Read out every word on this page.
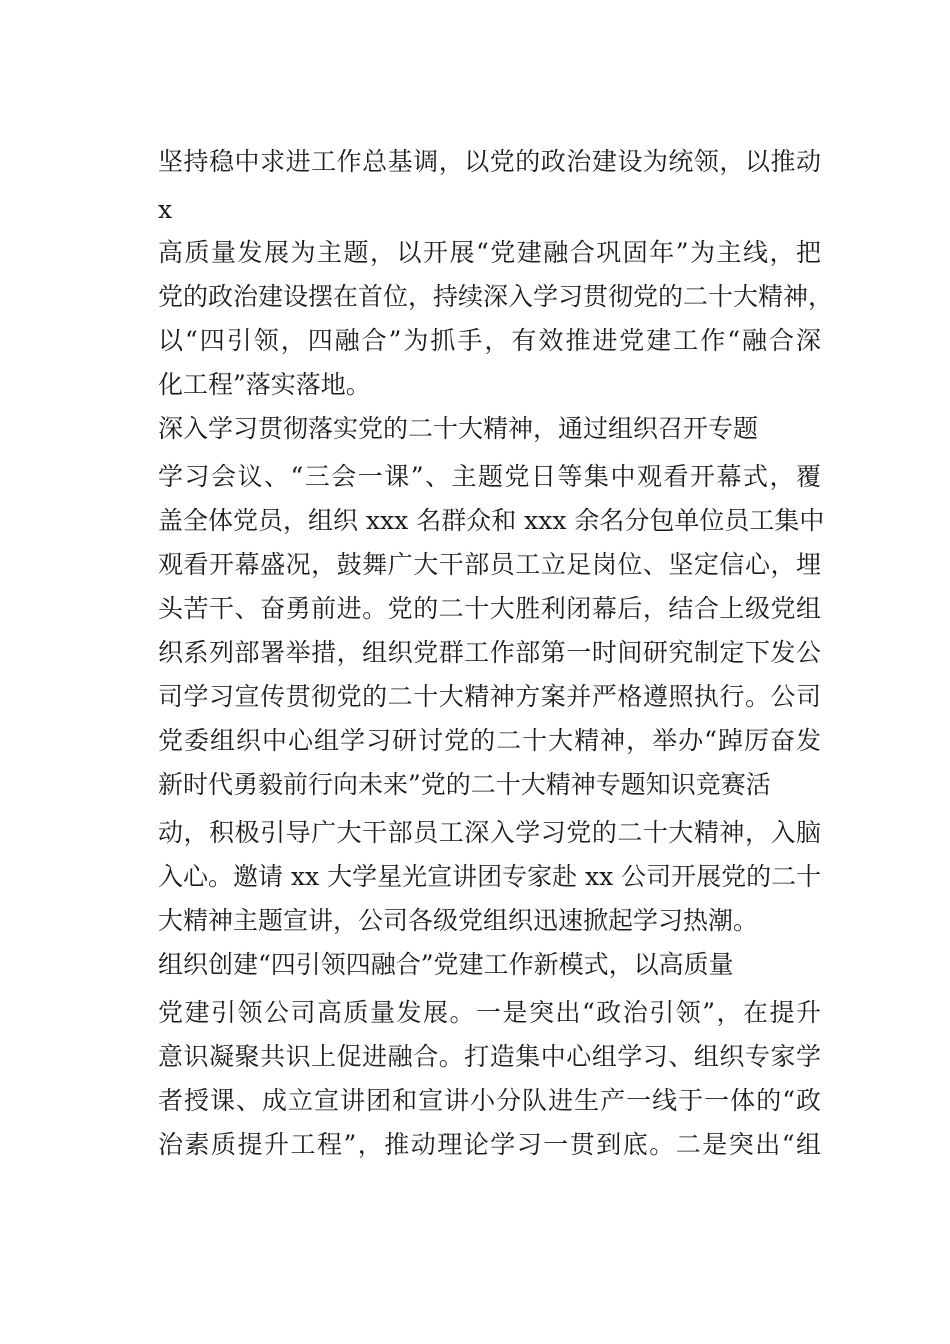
坚持稳中求进工作总基调，以党的政治建设为统领，以推动

x

高质量发展为主题，以开展“党建融合巩固年”为主线，把

党的政治建设摆在首位，持续深入学习贯彻党的二十大精神，

以“四引领，四融合”为抓手，有效推进党建工作“融合深

化工程”落实落地。

深入学习贯彻落实党的二十大精神，通过组织召开专题

学习会议、“三会一课”、主题党日等集中观看开幕式，覆

盖全体党员，组织 xxx 名群众和 xxx 余名分包单位员工集中

观看开幕盛况，鼓舞广大干部员工立足岗位、坚定信心，埋

头苦干、奋勇前进。党的二十大胜利闭幕后，结合上级党组

织系列部署举措，组织党群工作部第一时间研究制定下发公

司学习宣传贯彻党的二十大精神方案并严格遵照执行。公司

党委组织中心组学习研讨党的二十大精神，举办“踔厉奋发

新时代勇毅前行向未来”党的二十大精神专题知识竞赛活

动，积极引导广大干部员工深入学习党的二十大精神，入脑

入心。邀请 xx 大学星光宣讲团专家赴 xx 公司开展党的二十

大精神主题宣讲，公司各级党组织迅速掀起学习热潮。

组织创建“四引领四融合”党建工作新模式，以高质量

党建引领公司高质量发展。一是突出“政治引领”，在提升

意识凝聚共识上促进融合。打造集中心组学习、组织专家学

者授课、成立宣讲团和宣讲小分队进生产一线于一体的“政

治素质提升工程”，推动理论学习一贯到底。二是突出“组
